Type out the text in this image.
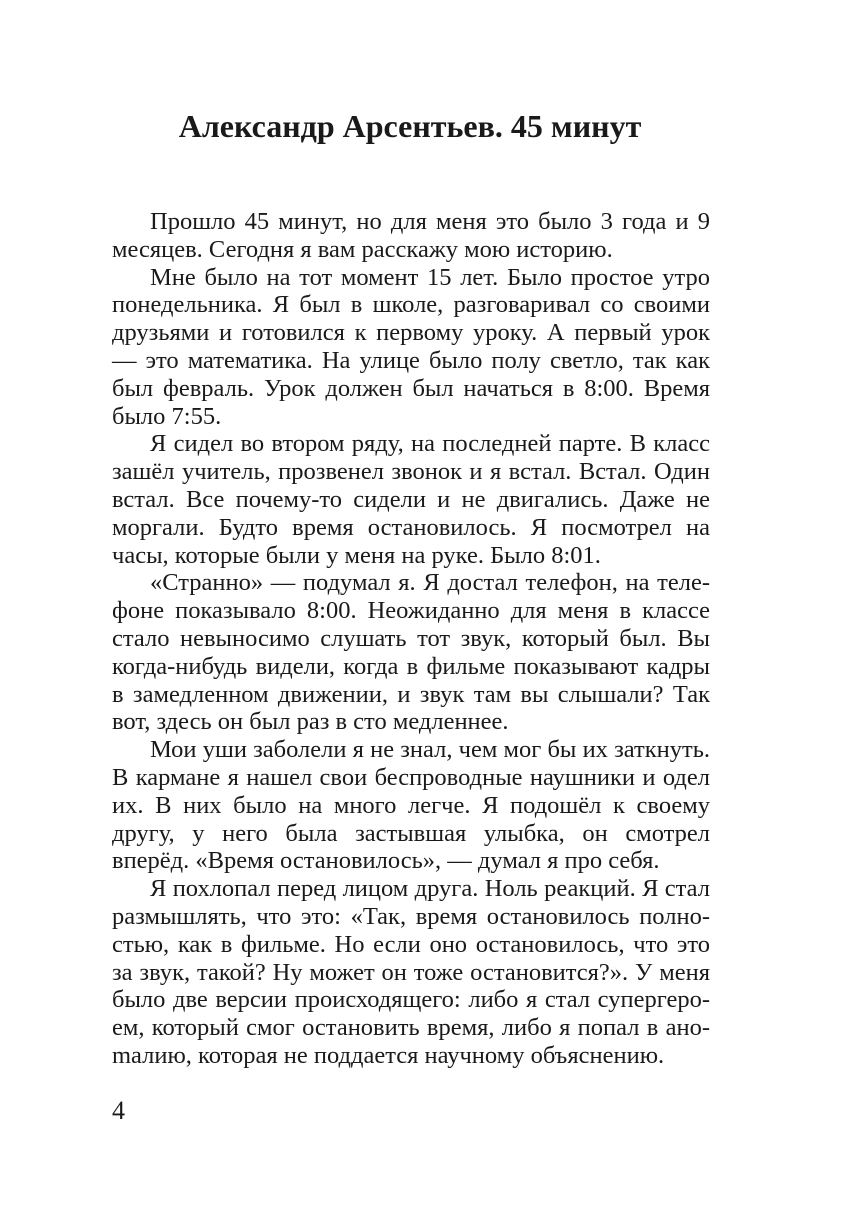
Александр Арсентьев. 45 минут

Прошло 45 минут, но для меня это было 3 года и 9 месяцев. Сегодня я вам расскажу мою историю.

Мне было на тот момент 15 лет. Было простое утро понедельника. Я был в школе, разговаривал со своими друзьями и готовился к первому уроку. А первый урок — это математика. На улице было полу светло, так как был февраль. Урок должен был начаться в 8:00. Время было 7:55.

Я сидел во втором ряду, на последней парте. В класс зашёл учитель, прозвенел звонок и я встал. Встал. Один встал. Все почему-то сидели и не двигались. Даже не моргали. Будто время остановилось. Я посмотрел на часы, которые были у меня на руке. Было 8:01.

«Странно» — подумал я. Я достал телефон, на телефоне показывало 8:00. Неожиданно для меня в классе стало невыносимо слушать тот звук, который был. Вы когда-нибудь видели, когда в фильме показывают кадры в замедленном движении, и звук там вы слышали? Так вот, здесь он был раз в сто медленнее.

Мои уши заболели я не знал, чем мог бы их заткнуть. В кармане я нашел свои беспроводные наушники и одел их. В них было на много легче. Я подошёл к своему другу, у него была застывшая улыбка, он смотрел вперёд. «Время остановилось», — думал я про себя.

Я похлопал перед лицом друга. Ноль реакций. Я стал размышлять, что это: «Так, время остановилось полностью, как в фильме. Но если оно остановилось, что это за звук, такой? Ну может он тоже остановится?». У меня было две версии происходящего: либо я стал супергероем, который смог остановить время, либо я попал в аноmалию, которая не поддается научному объяснению.

4
